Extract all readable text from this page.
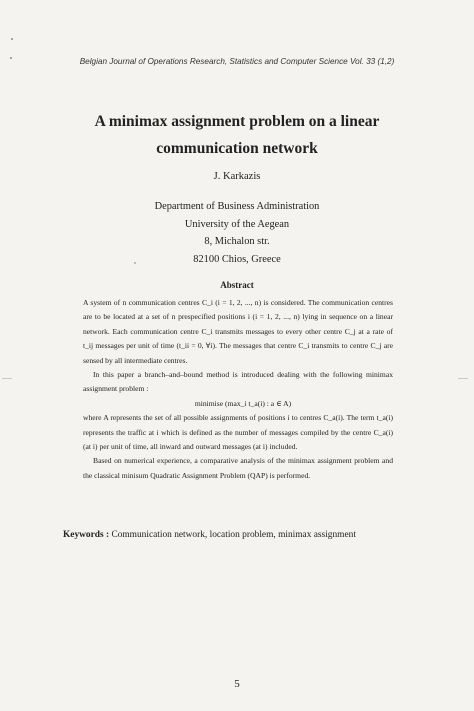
Belgian Journal of Operations Research, Statistics and Computer Science Vol. 33 (1,2)
A minimax assignment problem on a linear
communication network
J. Karkazis
Department of Business Administration
University of the Aegean
8, Michalon str.
82100 Chios, Greece
Abstract

A system of n communication centres C_i (i = 1, 2, ..., n) is considered. The communication centres are to be located at a set of n prespecified positions i (i = 1, 2, ..., n) lying in sequence on a linear network. Each communication centre C_i transmits messages to every other centre C_j at a rate of t_ij messages per unit of time (t_ii = 0, ∀i). The messages that centre C_i transmits to centre C_j are sensed by all intermediate centres.

In this paper a branch–and–bound method is introduced dealing with the following minimax assignment problem :

minimise (max_i t_a(i) : a ∈ A)

where A represents the set of all possible assignments of positions i to centres C_a(i). The term t_a(i) represents the traffic at i which is defined as the number of messages compiled by the centre C_a(i) (at i) per unit of time, all inward and outward messages (at i) included.

Based on numerical experience, a comparative analysis of the minimax assignment problem and the classical minisum Quadratic Assignment Problem (QAP) is performed.

Keywords : Communication network, location problem, minimax assignment
5
